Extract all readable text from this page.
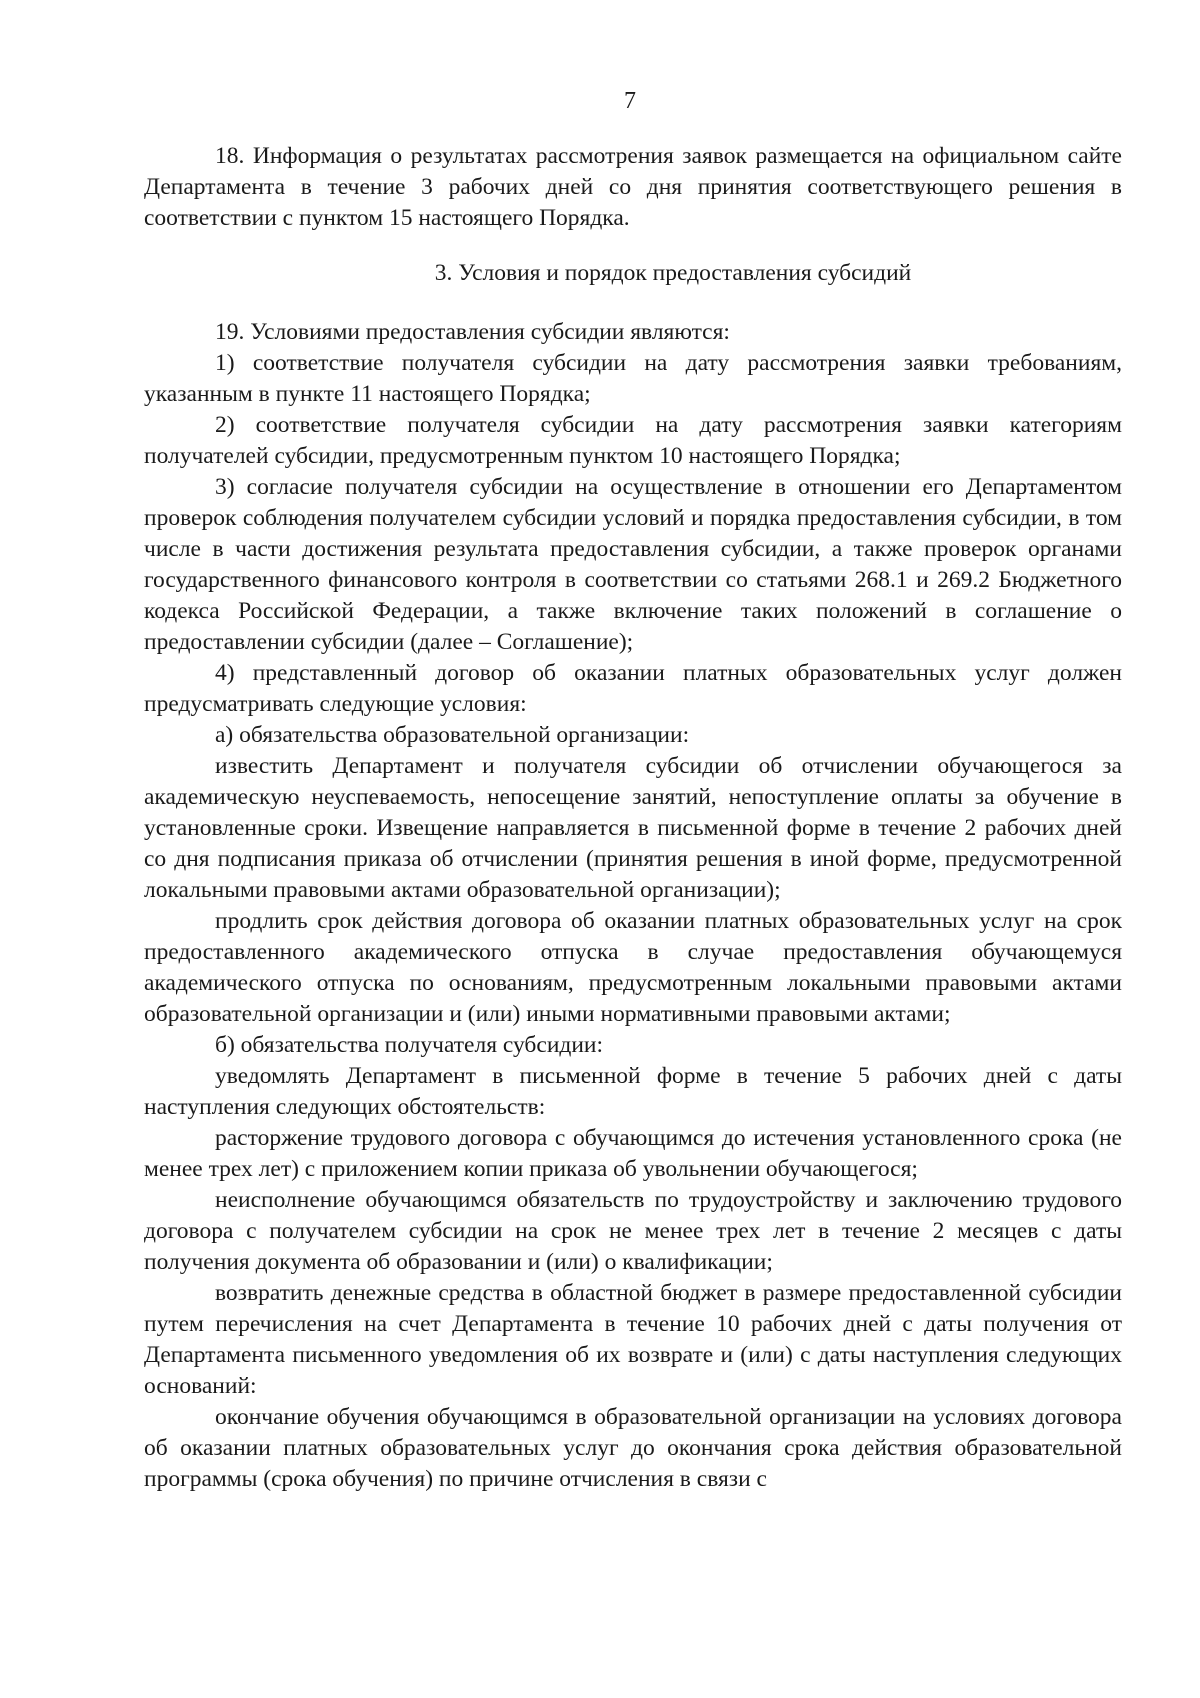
7

18. Информация о результатах рассмотрения заявок размещается на официальном сайте Департамента в течение 3 рабочих дней со дня принятия соответствующего решения в соответствии с пунктом 15 настоящего Порядка.

3. Условия и порядок предоставления субсидий

19. Условиями предоставления субсидии являются:

1) соответствие получателя субсидии на дату рассмотрения заявки требованиям, указанным в пункте 11 настоящего Порядка;

2) соответствие получателя субсидии на дату рассмотрения заявки категориям получателей субсидии, предусмотренным пунктом 10 настоящего Порядка;

3) согласие получателя субсидии на осуществление в отношении его Департаментом проверок соблюдения получателем субсидии условий и порядка предоставления субсидии, в том числе в части достижения результата предоставления субсидии, а также проверок органами государственного финансового контроля в соответствии со статьями 268.1 и 269.2 Бюджетного кодекса Российской Федерации, а также включение таких положений в соглашение о предоставлении субсидии (далее – Соглашение);

4) представленный договор об оказании платных образовательных услуг должен предусматривать следующие условия:

а) обязательства образовательной организации:

известить Департамент и получателя субсидии об отчислении обучающегося за академическую неуспеваемость, непосещение занятий, непоступление оплаты за обучение в установленные сроки. Извещение направляется в письменной форме в течение 2 рабочих дней со дня подписания приказа об отчислении (принятия решения в иной форме, предусмотренной локальными правовыми актами образовательной организации);

продлить срок действия договора об оказании платных образовательных услуг на срок предоставленного академического отпуска в случае предоставления обучающемуся академического отпуска по основаниям, предусмотренным локальными правовыми актами образовательной организации и (или) иными нормативными правовыми актами;

б) обязательства получателя субсидии:

уведомлять Департамент в письменной форме в течение 5 рабочих дней с даты наступления следующих обстоятельств:

расторжение трудового договора с обучающимся до истечения установленного срока (не менее трех лет) с приложением копии приказа об увольнении обучающегося;

неисполнение обучающимся обязательств по трудоустройству и заключению трудового договора с получателем субсидии на срок не менее трех лет в течение 2 месяцев с даты получения документа об образовании и (или) о квалификации;

возвратить денежные средства в областной бюджет в размере предоставленной субсидии путем перечисления на счет Департамента в течение 10 рабочих дней с даты получения от Департамента письменного уведомления об их возврате и (или) с даты наступления следующих оснований:

окончание обучения обучающимся в образовательной организации на условиях договора об оказании платных образовательных услуг до окончания срока действия образовательной программы (срока обучения) по причине отчисления в связи с
